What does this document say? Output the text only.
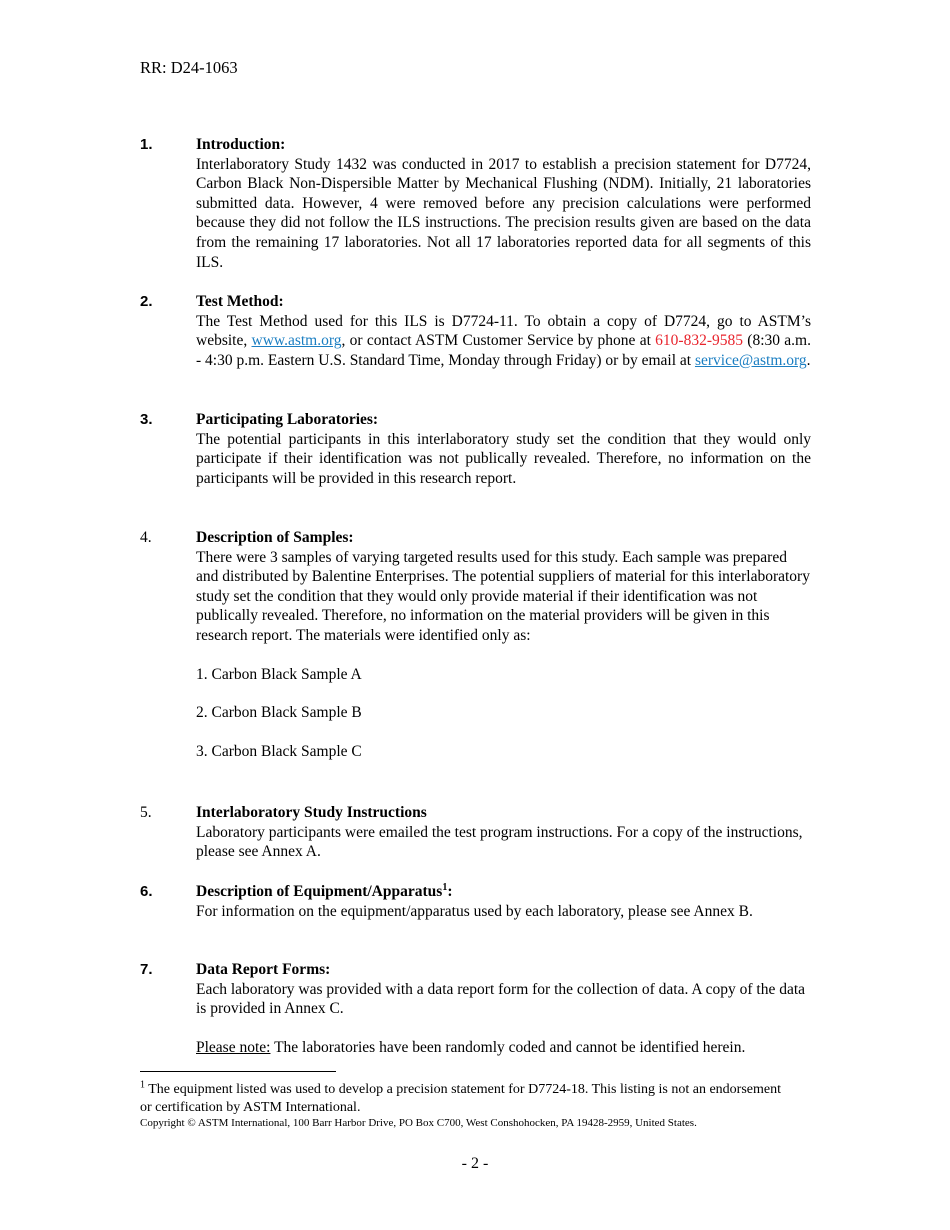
RR: D24-1063
1.	Introduction:
Interlaboratory Study 1432 was conducted in 2017 to establish a precision statement for D7724, Carbon Black Non-Dispersible Matter by Mechanical Flushing (NDM). Initially, 21 laboratories submitted data. However, 4 were removed before any precision calculations were performed because they did not follow the ILS instructions. The precision results given are based on the data from the remaining 17 laboratories. Not all 17 laboratories reported data for all segments of this ILS.
2.	Test Method:
The Test Method used for this ILS is D7724-11. To obtain a copy of D7724, go to ASTM’s website, www.astm.org, or contact ASTM Customer Service by phone at 610-832-9585 (8:30 a.m. - 4:30 p.m. Eastern U.S. Standard Time, Monday through Friday) or by email at service@astm.org.
3.	Participating Laboratories:
The potential participants in this interlaboratory study set the condition that they would only participate if their identification was not publically revealed. Therefore, no information on the participants will be provided in this research report.
4.	Description of Samples:
There were 3 samples of varying targeted results used for this study. Each sample was prepared and distributed by Balentine Enterprises. The potential suppliers of material for this interlaboratory study set the condition that they would only provide material if their identification was not publically revealed. Therefore, no information on the material providers will be given in this research report. The materials were identified only as:
1. Carbon Black Sample A
2. Carbon Black Sample B
3. Carbon Black Sample C
5.	Interlaboratory Study Instructions
Laboratory participants were emailed the test program instructions. For a copy of the instructions, please see Annex A.
6.	Description of Equipment/Apparatus$^1$:
For information on the equipment/apparatus used by each laboratory, please see Annex B.
7.	Data Report Forms:
Each laboratory was provided with a data report form for the collection of data. A copy of the data is provided in Annex C.
Please note: The laboratories have been randomly coded and cannot be identified herein.
$^1$ The equipment listed was used to develop a precision statement for D7724-18. This listing is not an endorsement or certification by ASTM International.
Copyright © ASTM International, 100 Barr Harbor Drive, PO Box C700, West Conshohocken, PA 19428-2959, United States.
- 2 -
